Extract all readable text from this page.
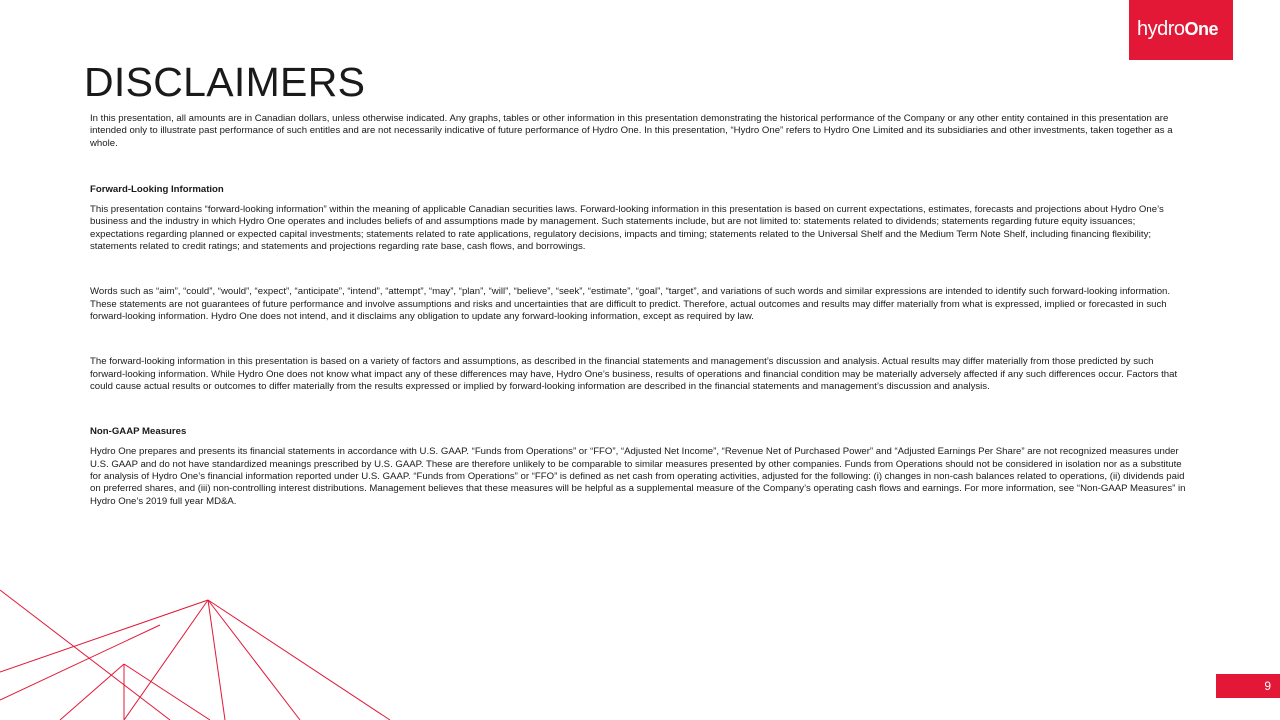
hydroOne
DISCLAIMERS

In this presentation, all amounts are in Canadian dollars, unless otherwise indicated. Any graphs, tables or other information in this presentation demonstrating the historical performance of the Company or any other entity contained in this presentation are intended only to illustrate past performance of such entitles and are not necessarily indicative of future performance of Hydro One. In this presentation, “Hydro One” refers to Hydro One Limited and its subsidiaries and other investments, taken together as a whole.

Forward-Looking Information

This presentation contains “forward-looking information” within the meaning of applicable Canadian securities laws. Forward-looking information in this presentation is based on current expectations, estimates, forecasts and projections about Hydro One’s business and the industry in which Hydro One operates and includes beliefs of and assumptions made by management. Such statements include, but are not limited to: statements related to dividends; statements regarding future equity issuances; expectations regarding planned or expected capital investments; statements related to rate applications, regulatory decisions, impacts and timing; statements related to the Universal Shelf and the Medium Term Note Shelf, including financing flexibility; statements related to credit ratings; and statements and projections regarding rate base, cash flows, and borrowings.

Words such as “aim”, “could”, “would”, “expect”, “anticipate”, “intend”, “attempt”, “may”, “plan”, “will”, “believe”, “seek”, “estimate”, “goal”, “target”, and variations of such words and similar expressions are intended to identify such forward-looking information. These statements are not guarantees of future performance and involve assumptions and risks and uncertainties that are difficult to predict. Therefore, actual outcomes and results may differ materially from what is expressed, implied or forecasted in such forward-looking information. Hydro One does not intend, and it disclaims any obligation to update any forward-looking information, except as required by law.

The forward-looking information in this presentation is based on a variety of factors and assumptions, as described in the financial statements and management’s discussion and analysis. Actual results may differ materially from those predicted by such forward-looking information. While Hydro One does not know what impact any of these differences may have, Hydro One’s business, results of operations and financial condition may be materially adversely affected if any such differences occur. Factors that could cause actual results or outcomes to differ materially from the results expressed or implied by forward-looking information are described in the financial statements and management’s discussion and analysis.

Non-GAAP Measures

Hydro One prepares and presents its financial statements in accordance with U.S. GAAP. “Funds from Operations” or “FFO”, “Adjusted Net Income”, “Revenue Net of Purchased Power” and “Adjusted Earnings Per Share” are not recognized measures under U.S. GAAP and do not have standardized meanings prescribed by U.S. GAAP. These are therefore unlikely to be comparable to similar measures presented by other companies. Funds from Operations should not be considered in isolation nor as a substitute for analysis of Hydro One’s financial information reported under U.S. GAAP. “Funds from Operations” or “FFO” is defined as net cash from operating activities, adjusted for the following: (i) changes in non-cash balances related to operations, (ii) dividends paid on preferred shares, and (iii) non-controlling interest distributions. Management believes that these measures will be helpful as a supplemental measure of the Company’s operating cash flows and earnings. For more information, see “Non-GAAP Measures” in Hydro One’s 2019 full year MD&A.

9
